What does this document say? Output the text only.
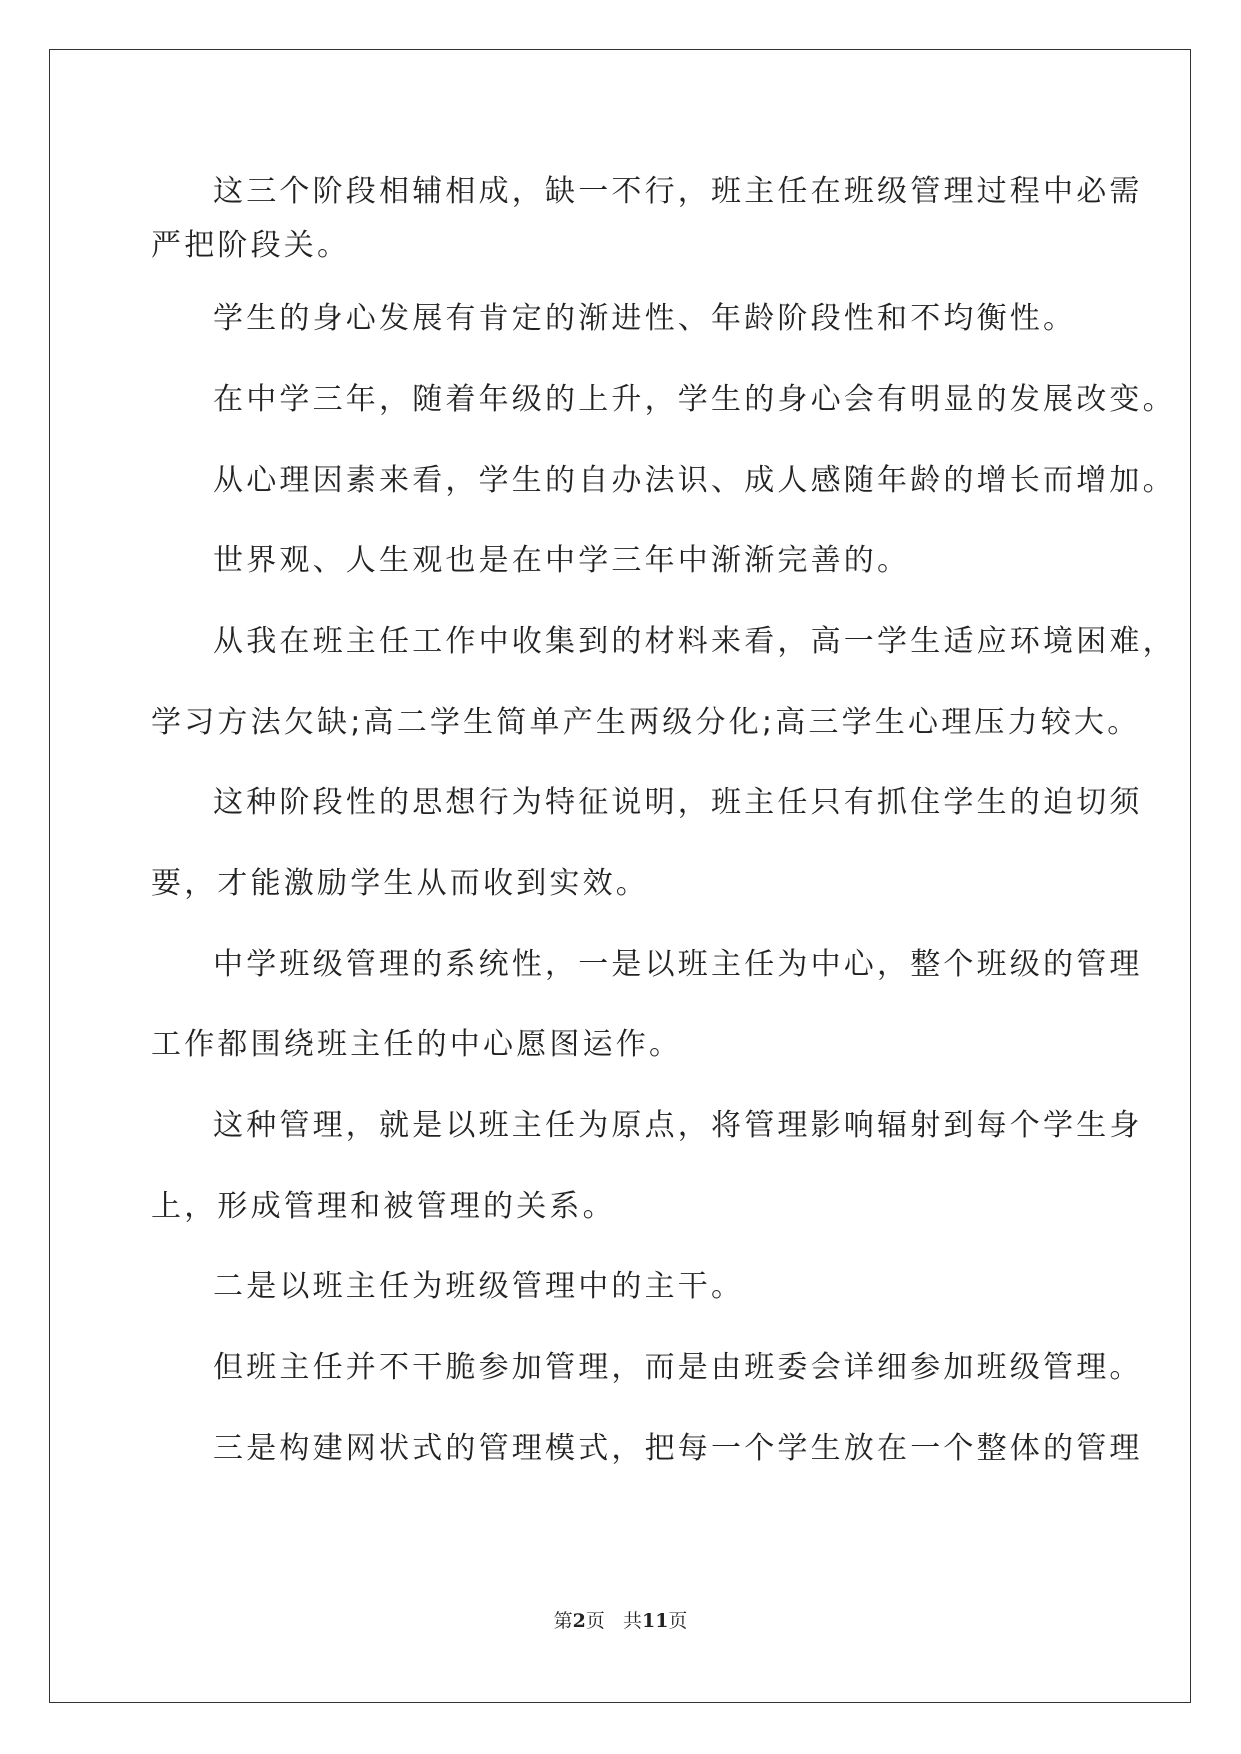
这三个阶段相辅相成，缺一不行，班主任在班级管理过程中必需
严把阶段关。
学生的身心发展有肯定的渐进性、年龄阶段性和不均衡性。
在中学三年，随着年级的上升，学生的身心会有明显的发展改变。
从心理因素来看，学生的自办法识、成人感随年龄的增长而增加。
世界观、人生观也是在中学三年中渐渐完善的。
从我在班主任工作中收集到的材料来看，高一学生适应环境困难，
学习方法欠缺;高二学生简单产生两级分化;高三学生心理压力较大。
这种阶段性的思想行为特征说明，班主任只有抓住学生的迫切须
要，才能激励学生从而收到实效。
中学班级管理的系统性，一是以班主任为中心，整个班级的管理
工作都围绕班主任的中心愿图运作。
这种管理，就是以班主任为原点，将管理影响辐射到每个学生身
上，形成管理和被管理的关系。
二是以班主任为班级管理中的主干。
但班主任并不干脆参加管理，而是由班委会详细参加班级管理。
三是构建网状式的管理模式，把每一个学生放在一个整体的管理
第2页 共11页
